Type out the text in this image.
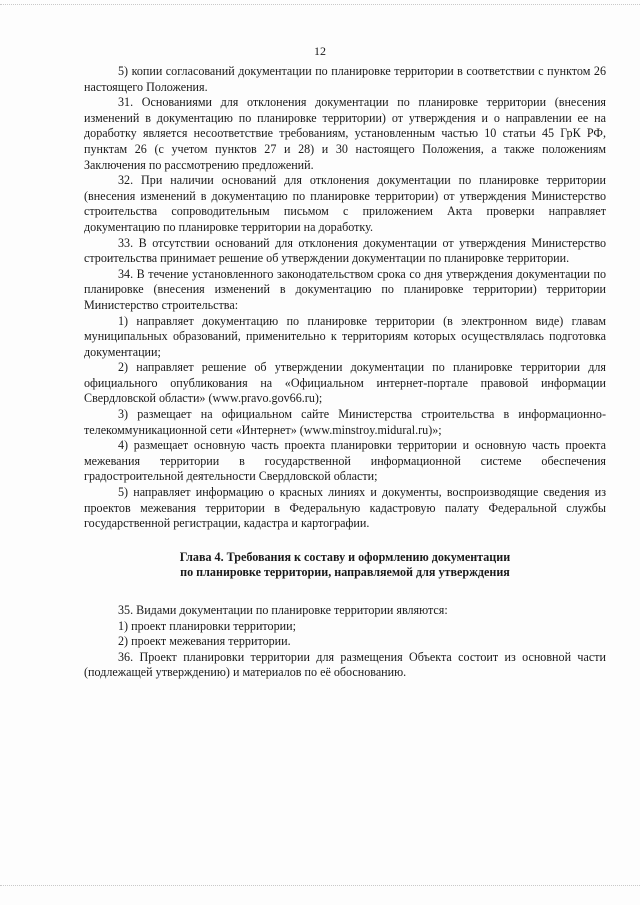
12

5) копии согласований документации по планировке территории в соответствии с пунктом 26 настоящего Положения.

31. Основаниями для отклонения документации по планировке территории (внесения изменений в документацию по планировке территории) от утверждения и о направлении ее на доработку является несоответствие требованиям, установленным частью 10 статьи 45 ГрК РФ, пунктам 26 (с учетом пунктов 27 и 28) и 30 настоящего Положения, а также положениям Заключения по рассмотрению предложений.

32. При наличии оснований для отклонения документации по планировке территории (внесения изменений в документацию по планировке территории) от утверждения Министерство строительства сопроводительным письмом с приложением Акта проверки направляет документацию по планировке территории на доработку.

33. В отсутствии оснований для отклонения документации от утверждения Министерство строительства принимает решение об утверждении документации по планировке территории.

34. В течение установленного законодательством срока со дня утверждения документации по планировке (внесения изменений в документацию по планировке территории) территории Министерство строительства:

1) направляет документацию по планировке территории (в электронном виде) главам муниципальных образований, применительно к территориям которых осуществлялась подготовка документации;

2) направляет решение об утверждении документации по планировке территории для официального опубликования на «Официальном интернет-портале правовой информации Свердловской области» (www.pravo.gov66.ru);

3) размещает на официальном сайте Министерства строительства в информационно-телекоммуникационной сети «Интернет» (www.minstroy.midural.ru)»;

4) размещает основную часть проекта планировки территории и основную часть проекта межевания территории в государственной информационной системе обеспечения градостроительной деятельности Свердловской области;

5) направляет информацию о красных линиях и документы, воспроизводящие сведения из проектов межевания территории в Федеральную кадастровую палату Федеральной службы государственной регистрации, кадастра и картографии.

Глава 4. Требования к составу и оформлению документации
по планировке территории, направляемой для утверждения

35. Видами документации по планировке территории являются:

1) проект планировки территории;

2) проект межевания территории.

36. Проект планировки территории для размещения Объекта состоит из основной части (подлежащей утверждению) и материалов по её обоснованию.
